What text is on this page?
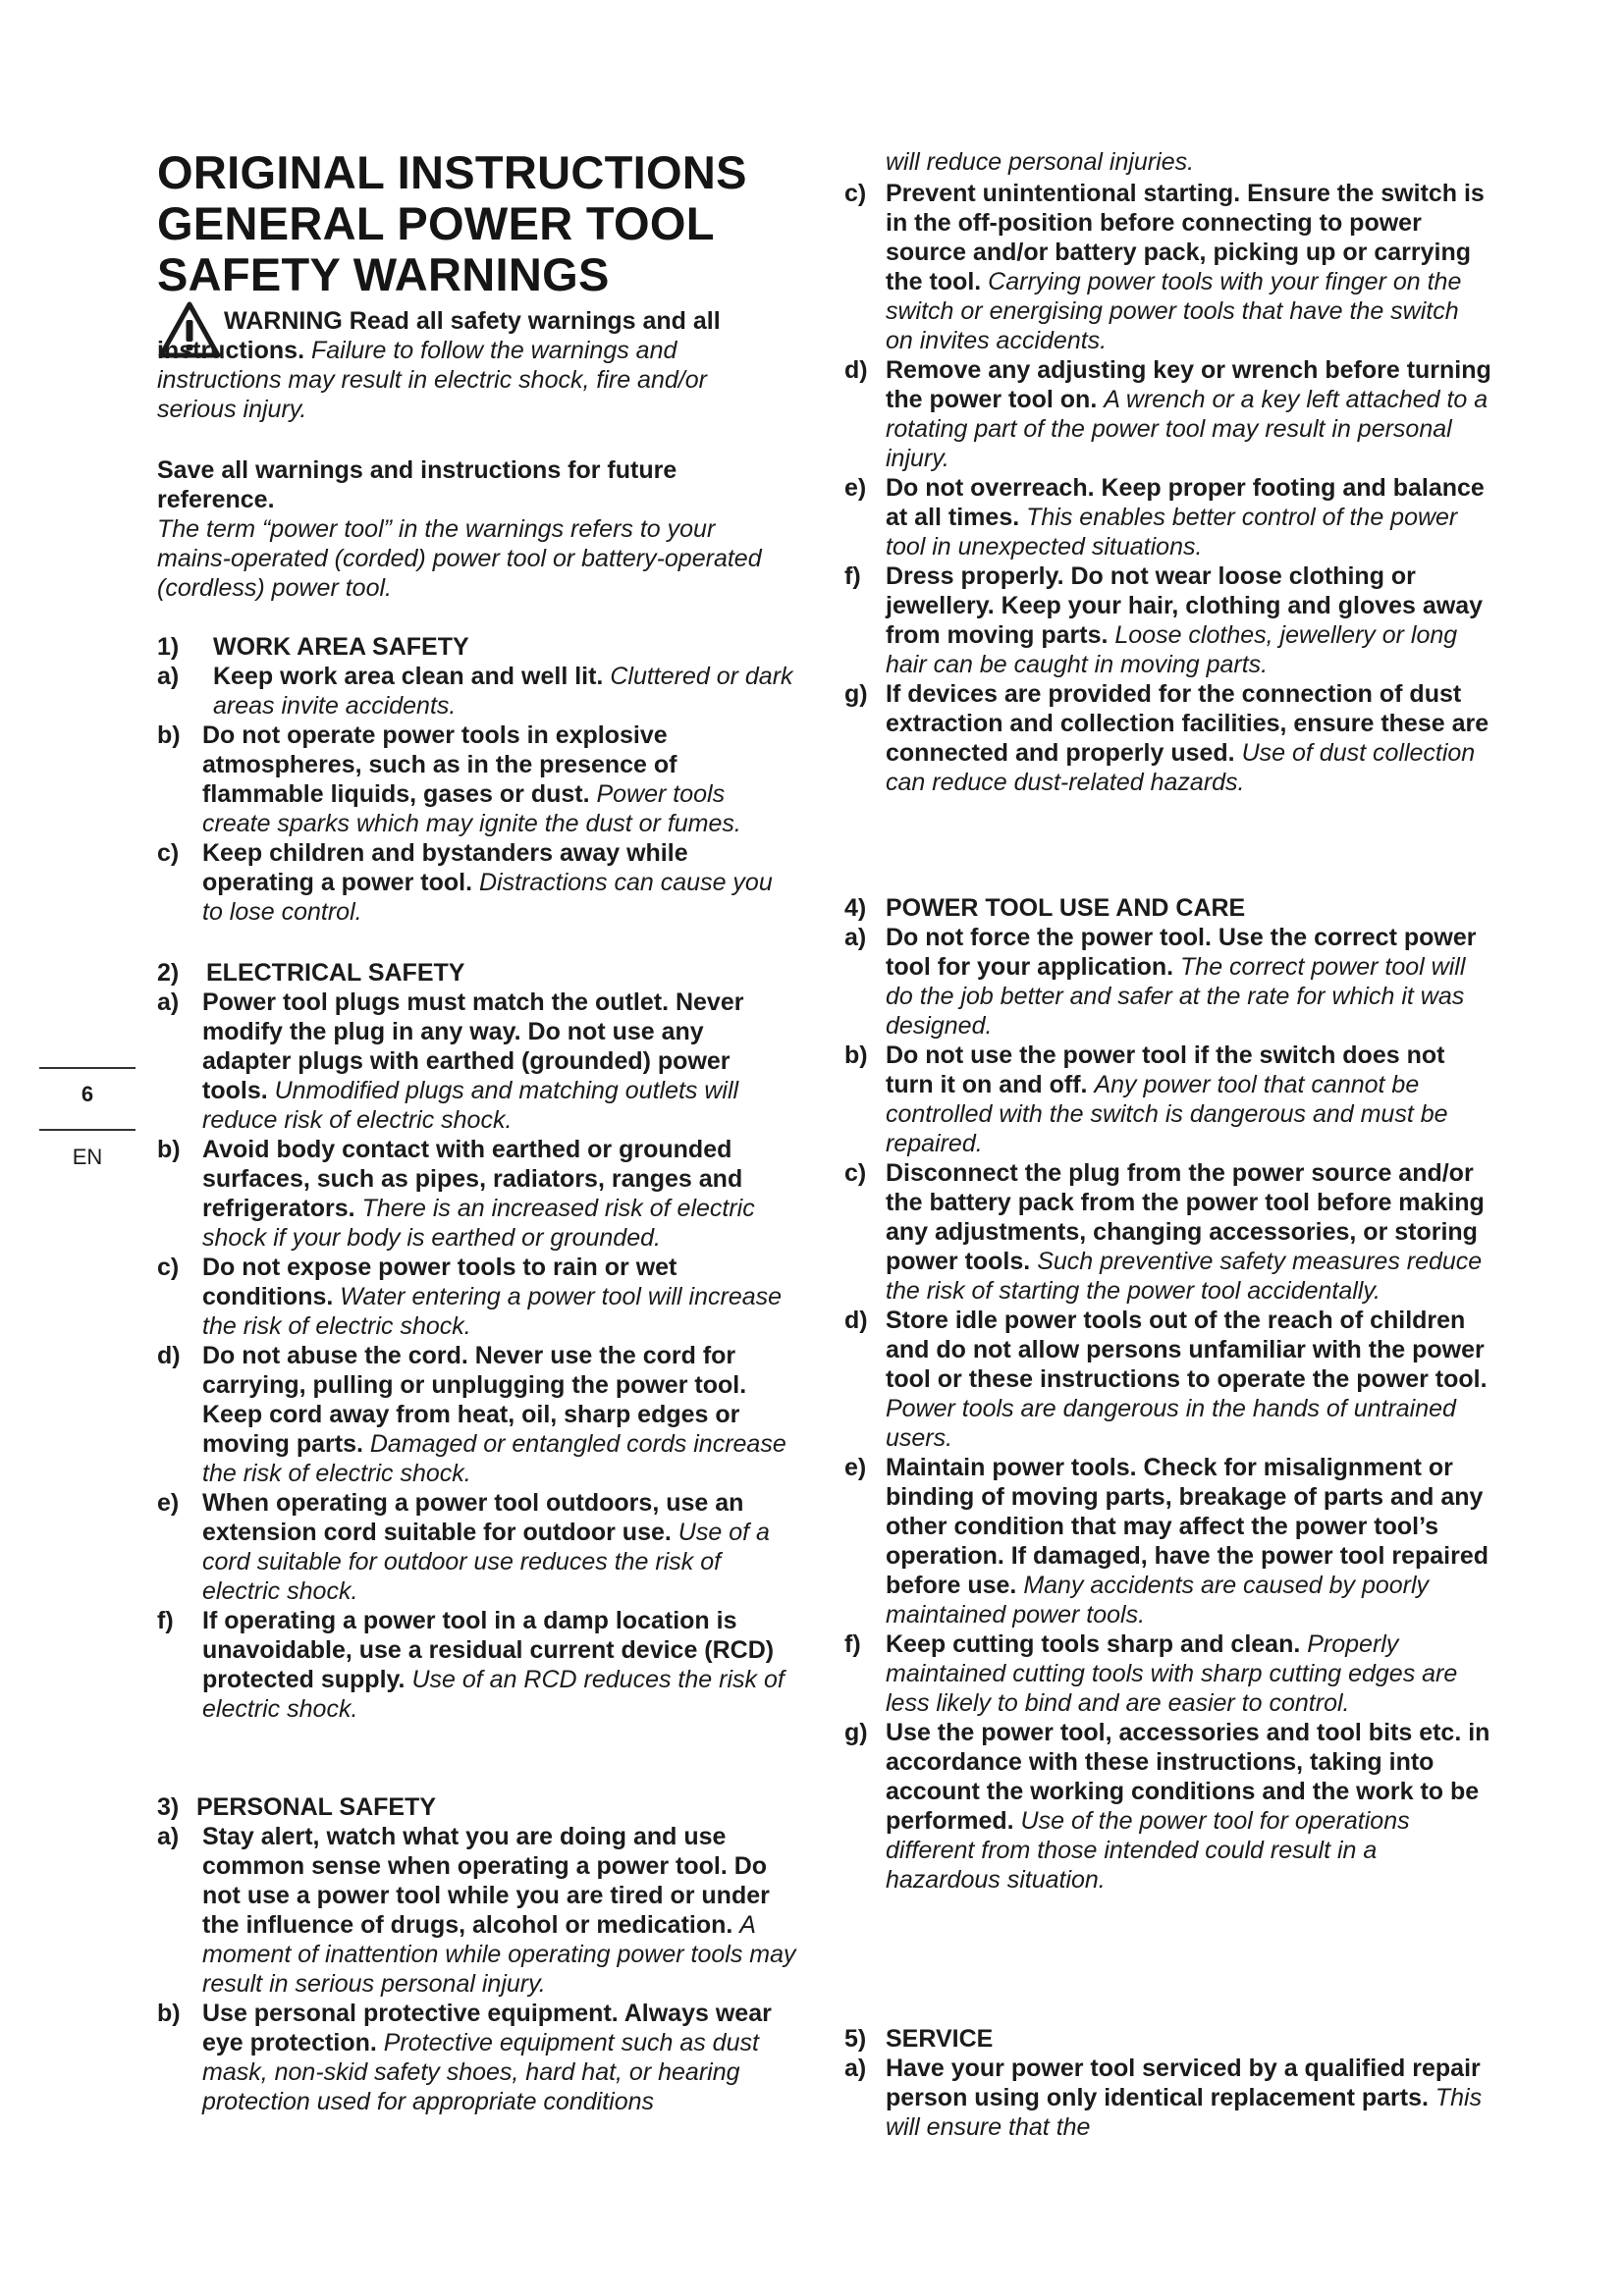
ORIGINAL INSTRUCTIONS
GENERAL POWER TOOL
SAFETY WARNINGS
WARNING Read all safety warnings and all instructions. Failure to follow the warnings and instructions may result in electric shock, fire and/or serious injury.
Save all warnings and instructions for future reference.
The term “power tool” in the warnings refers to your mains-operated (corded) power tool or battery-operated (cordless) power tool.
1) WORK AREA SAFETY
a) Keep work area clean and well lit. Cluttered or dark areas invite accidents.
b) Do not operate power tools in explosive atmospheres, such as in the presence of flammable liquids, gases or dust. Power tools create sparks which may ignite the dust or fumes.
c) Keep children and bystanders away while operating a power tool. Distractions can cause you to lose control.
2) ELECTRICAL SAFETY
a) Power tool plugs must match the outlet. Never modify the plug in any way. Do not use any adapter plugs with earthed (grounded) power tools. Unmodified plugs and matching outlets will reduce risk of electric shock.
b) Avoid body contact with earthed or grounded surfaces, such as pipes, radiators, ranges and refrigerators. There is an increased risk of electric shock if your body is earthed or grounded.
c) Do not expose power tools to rain or wet conditions. Water entering a power tool will increase the risk of electric shock.
d) Do not abuse the cord. Never use the cord for carrying, pulling or unplugging the power tool. Keep cord away from heat, oil, sharp edges or moving parts. Damaged or entangled cords increase the risk of electric shock.
e) When operating a power tool outdoors, use an extension cord suitable for outdoor use. Use of a cord suitable for outdoor use reduces the risk of electric shock.
f) If operating a power tool in a damp location is unavoidable, use a residual current device (RCD) protected supply. Use of an RCD reduces the risk of electric shock.
3) PERSONAL SAFETY
a) Stay alert, watch what you are doing and use common sense when operating a power tool. Do not use a power tool while you are tired or under the influence of drugs, alcohol or medication. A moment of inattention while operating power tools may result in serious personal injury.
b) Use personal protective equipment. Always wear eye protection. Protective equipment such as dust mask, non-skid safety shoes, hard hat, or hearing protection used for appropriate conditions
will reduce personal injuries.
c) Prevent unintentional starting. Ensure the switch is in the off-position before connecting to power source and/or battery pack, picking up or carrying the tool. Carrying power tools with your finger on the switch or energising power tools that have the switch on invites accidents.
d) Remove any adjusting key or wrench before turning the power tool on. A wrench or a key left attached to a rotating part of the power tool may result in personal injury.
e) Do not overreach. Keep proper footing and balance at all times. This enables better control of the power tool in unexpected situations.
f) Dress properly. Do not wear loose clothing or jewellery. Keep your hair, clothing and gloves away from moving parts. Loose clothes, jewellery or long hair can be caught in moving parts.
g) If devices are provided for the connection of dust extraction and collection facilities, ensure these are connected and properly used. Use of dust collection can reduce dust-related hazards.
4) POWER TOOL USE AND CARE
a) Do not force the power tool. Use the correct power tool for your application. The correct power tool will do the job better and safer at the rate for which it was designed.
b) Do not use the power tool if the switch does not turn it on and off. Any power tool that cannot be controlled with the switch is dangerous and must be repaired.
c) Disconnect the plug from the power source and/or the battery pack from the power tool before making any adjustments, changing accessories, or storing power tools. Such preventive safety measures reduce the risk of starting the power tool accidentally.
d) Store idle power tools out of the reach of children and do not allow persons unfamiliar with the power tool or these instructions to operate the power tool. Power tools are dangerous in the hands of untrained users.
e) Maintain power tools. Check for misalignment or binding of moving parts, breakage of parts and any other condition that may affect the power tool’s operation. If damaged, have the power tool repaired before use. Many accidents are caused by poorly maintained power tools.
f) Keep cutting tools sharp and clean. Properly maintained cutting tools with sharp cutting edges are less likely to bind and are easier to control.
g) Use the power tool, accessories and tool bits etc. in accordance with these instructions, taking into account the working conditions and the work to be performed. Use of the power tool for operations different from those intended could result in a hazardous situation.
5) SERVICE
a) Have your power tool serviced by a qualified repair person using only identical replacement parts. This will ensure that the
6
EN
